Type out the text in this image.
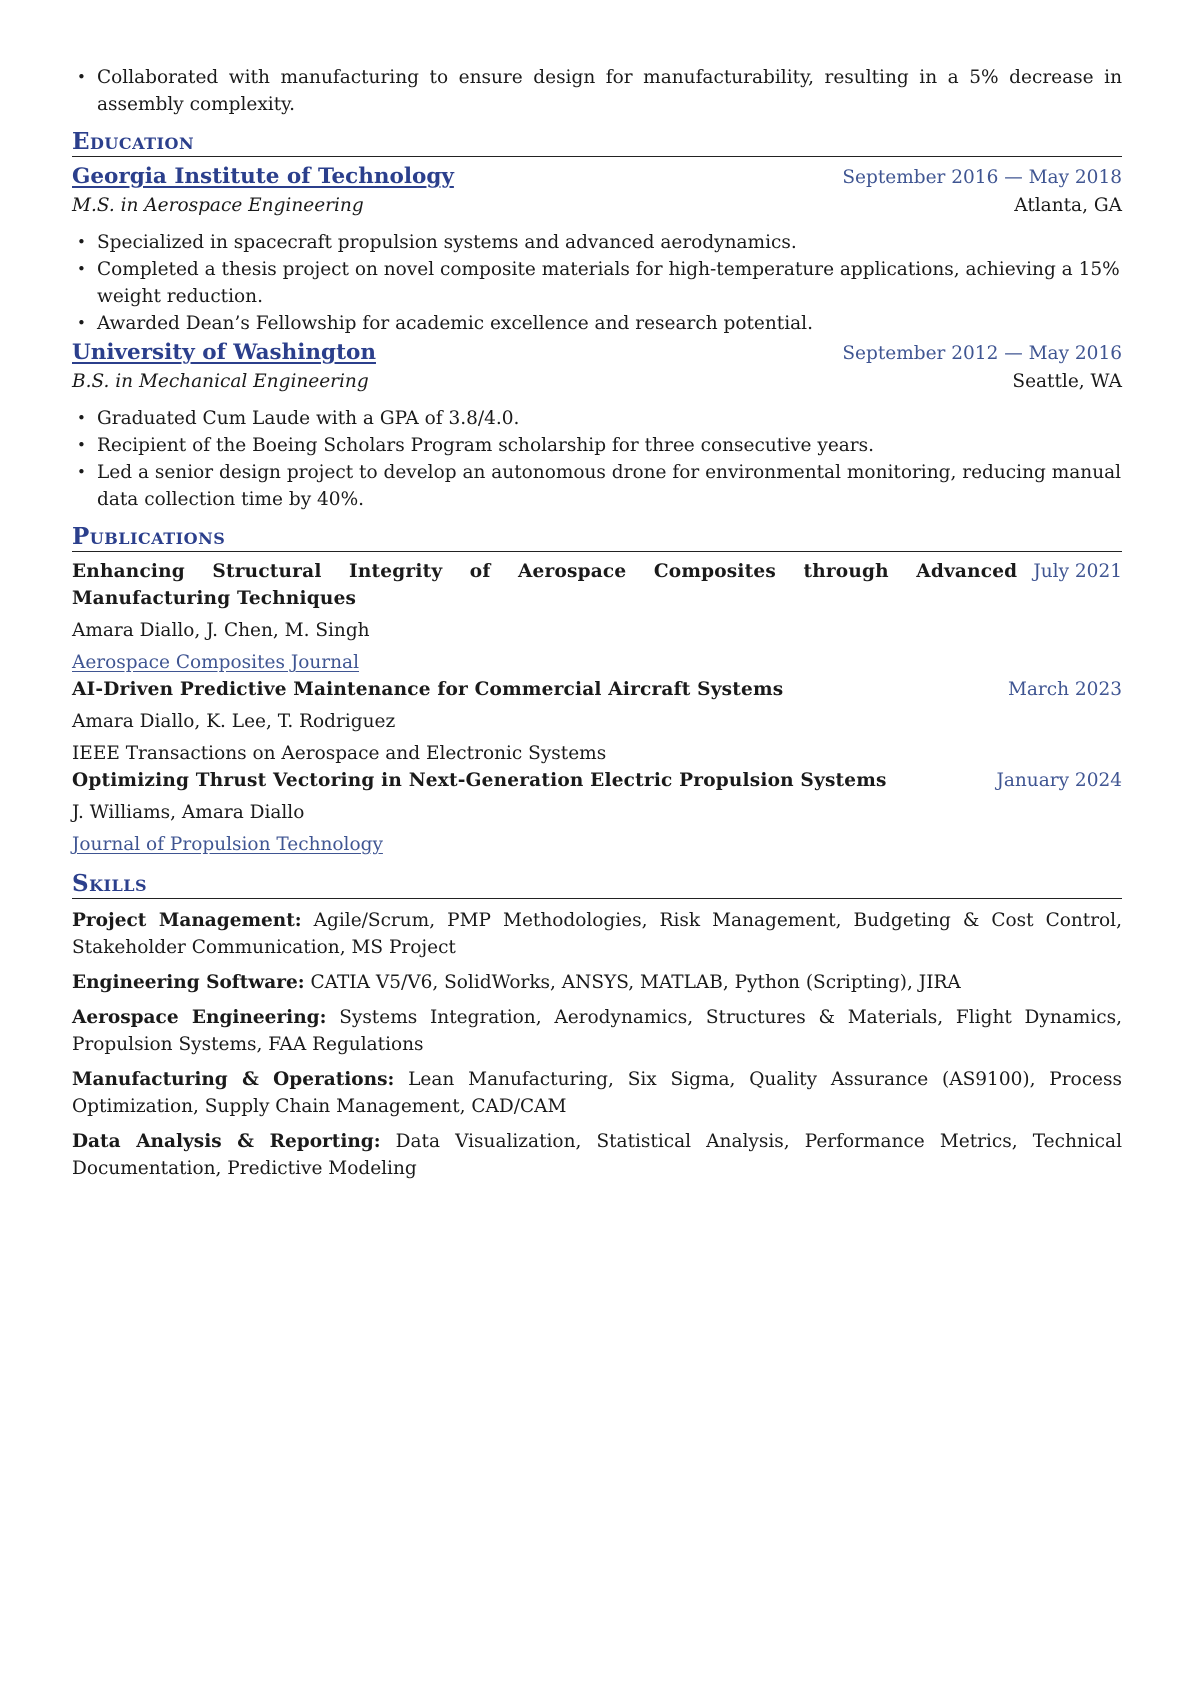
• Collaborated with manufacturing to ensure design for manufacturability, resulting in a 5% decrease in assembly complexity.
Education
Georgia Institute of Technology	September 2016 — May 2018
M.S. in Aerospace Engineering	Atlanta, GA
• Specialized in spacecraft propulsion systems and advanced aerodynamics.
• Completed a thesis project on novel composite materials for high-temperature applications, achieving a 15% weight reduction.
• Awarded Dean’s Fellowship for academic excellence and research potential.
University of Washington	September 2012 — May 2016
B.S. in Mechanical Engineering	Seattle, WA
• Graduated Cum Laude with a GPA of 3.8/4.0.
• Recipient of the Boeing Scholars Program scholarship for three consecutive years.
• Led a senior design project to develop an autonomous drone for environmental monitoring, reducing manual data collection time by 40%.
Publications
Enhancing Structural Integrity of Aerospace Composites through Advanced Manufacturing Techniques
July 2021
Amara Diallo, J. Chen, M. Singh
Aerospace Composites Journal
AI-Driven Predictive Maintenance for Commercial Aircraft Systems	March 2023
Amara Diallo, K. Lee, T. Rodriguez
IEEE Transactions on Aerospace and Electronic Systems
Optimizing Thrust Vectoring in Next-Generation Electric Propulsion Systems	January 2024
J. Williams, Amara Diallo
Journal of Propulsion Technology
Skills
Project Management: Agile/Scrum, PMP Methodologies, Risk Management, Budgeting & Cost Control, Stakeholder Communication, MS Project
Engineering Software: CATIA V5/V6, SolidWorks, ANSYS, MATLAB, Python (Scripting), JIRA
Aerospace Engineering: Systems Integration, Aerodynamics, Structures & Materials, Flight Dynamics, Propulsion Systems, FAA Regulations
Manufacturing & Operations: Lean Manufacturing, Six Sigma, Quality Assurance (AS9100), Process Optimization, Supply Chain Management, CAD/CAM
Data Analysis & Reporting: Data Visualization, Statistical Analysis, Performance Metrics, Technical Documentation, Predictive Modeling
